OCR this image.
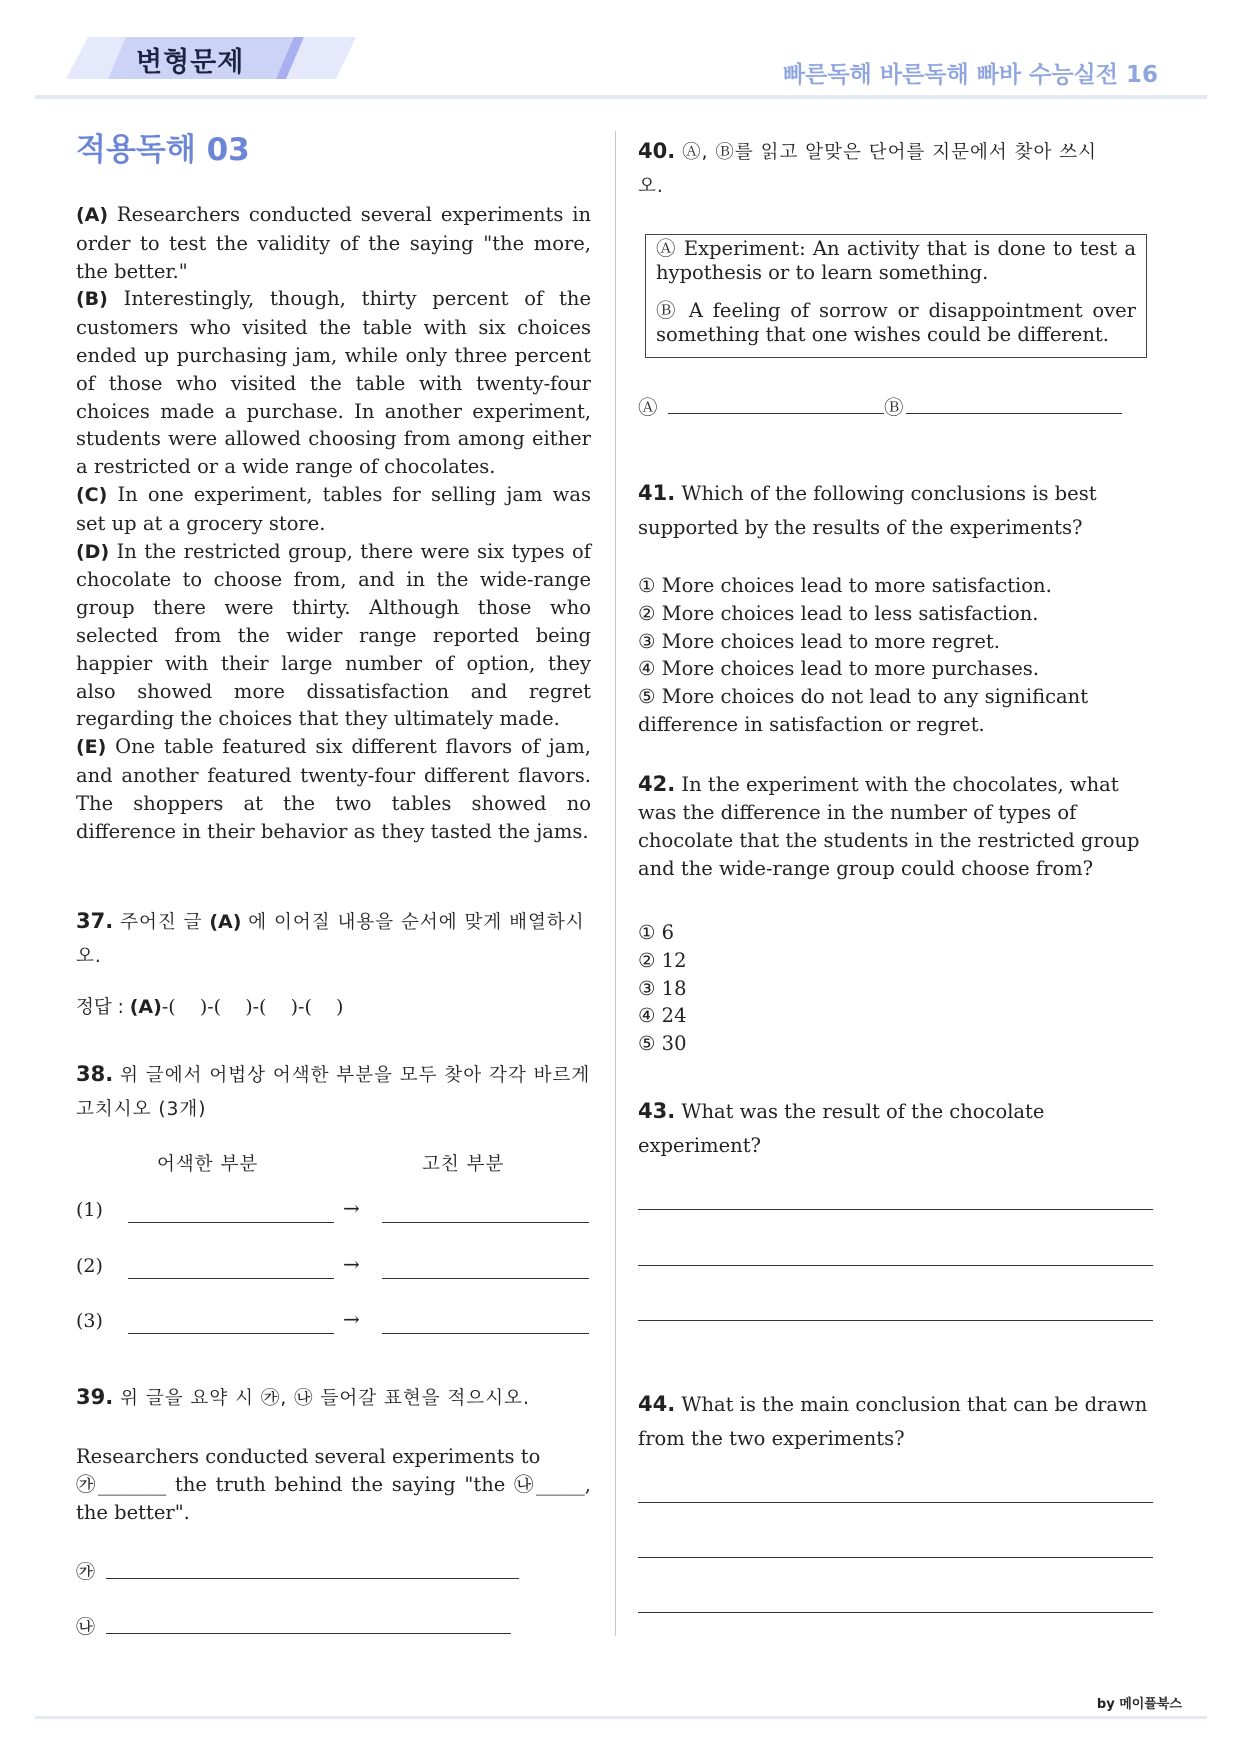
변형문제	빠른독해 바른독해 빠바 수능실전 16
적용독해 03

(A) Researchers conducted several experiments in order to test the validity of the saying "the more, the better."

(B) Interestingly, though, thirty percent of the customers who visited the table with six choices ended up purchasing jam, while only three percent of those who visited the table with twenty-four choices made a purchase. In another experiment, students were allowed choosing from among either a restricted or a wide range of chocolates.

(C) In one experiment, tables for selling jam was set up at a grocery store.

(D) In the restricted group, there were six types of chocolate to choose from, and in the wide-range group there were thirty. Although those who selected from the wider range reported being happier with their large number of option, they also showed more dissatisfaction and regret regarding the choices that they ultimately made.

(E) One table featured six different flavors of jam, and another featured twenty-four different flavors. The shoppers at the two tables showed no difference in their behavior as they tasted the jams.

37. 주어진 글 (A) 에 이어질 내용을 순서에 맞게 배열하시오.
정답 : (A)-(    )-(    )-(    )-(    )
38. 위 글에서 어법상 어색한 부분을 모두 찾아 각각 바르게 고치시오 (3개)
어색한 부분	고친 부분
(1)	→
(2)	→
(3)	→
39. 위 글을 요약 시 ㉮, ㉯ 들어갈 표현을 적으시오.
Researchers conducted several experiments to
㉮_______ the truth behind the saying "the ㉯_____,
the better".
㉮
㉯
40. Ⓐ, Ⓑ를 읽고 알맞은 단어를 지문에서 찾아 쓰시오.

Ⓐ Experiment: An activity that is done to test a hypothesis or to learn something.

Ⓑ A feeling of sorrow or disappointment over something that one wishes could be different.

Ⓐ	Ⓑ
41. Which of the following conclusions is best supported by the results of the experiments?
① More choices lead to more satisfaction.
② More choices lead to less satisfaction.
③ More choices lead to more regret.
④ More choices lead to more purchases.
⑤ More choices do not lead to any significant difference in satisfaction or regret.
42. In the experiment with the chocolates, what was the difference in the number of types of chocolate that the students in the restricted group and the wide-range group could choose from?
① 6
② 12
③ 18
④ 24
⑤ 30
43. What was the result of the chocolate experiment?
44. What is the main conclusion that can be drawn from the two experiments?
by 메이플북스
